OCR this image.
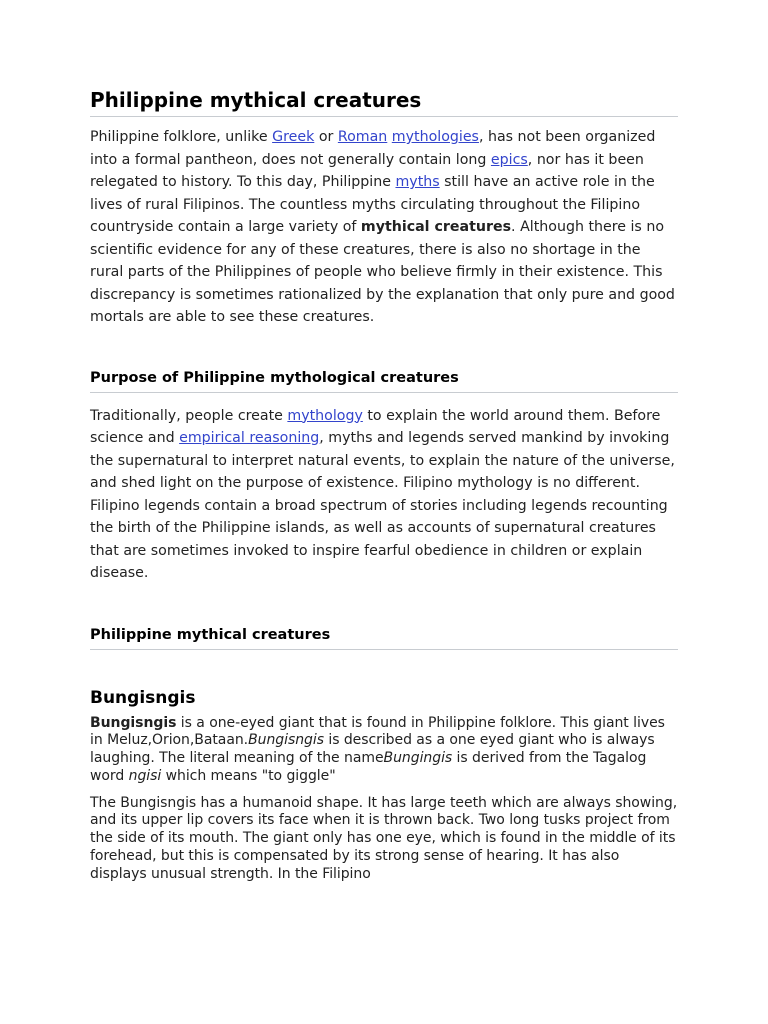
Philippine mythical creatures

Philippine folklore, unlike Greek or Roman mythologies, has not been organized into a formal pantheon, does not generally contain long epics, nor has it been relegated to history. To this day, Philippine myths still have an active role in the lives of rural Filipinos. The countless myths circulating throughout the Filipino countryside contain a large variety of mythical creatures. Although there is no scientific evidence for any of these creatures, there is also no shortage in the rural parts of the Philippines of people who believe firmly in their existence. This discrepancy is sometimes rationalized by the explanation that only pure and good mortals are able to see these creatures.

Purpose of Philippine mythological creatures

Traditionally, people create mythology to explain the world around them. Before science and empirical reasoning, myths and legends served mankind by invoking the supernatural to interpret natural events, to explain the nature of the universe, and shed light on the purpose of existence. Filipino mythology is no different. Filipino legends contain a broad spectrum of stories including legends recounting the birth of the Philippine islands, as well as accounts of supernatural creatures that are sometimes invoked to inspire fearful obedience in children or explain disease.

Philippine mythical creatures
Bungisngis

Bungisngis is a one-eyed giant that is found in Philippine folklore. This giant lives in Meluz,Orion,Bataan.Bungisngis is described as a one eyed giant who is always laughing. The literal meaning of the nameBungingis is derived from the Tagalog word ngisi which means "to giggle"

The Bungisngis has a humanoid shape. It has large teeth which are always showing, and its upper lip covers its face when it is thrown back. Two long tusks project from the side of its mouth. The giant only has one eye, which is found in the middle of its forehead, but this is compensated by its strong sense of hearing. It has also displays unusual strength. In the Filipino
